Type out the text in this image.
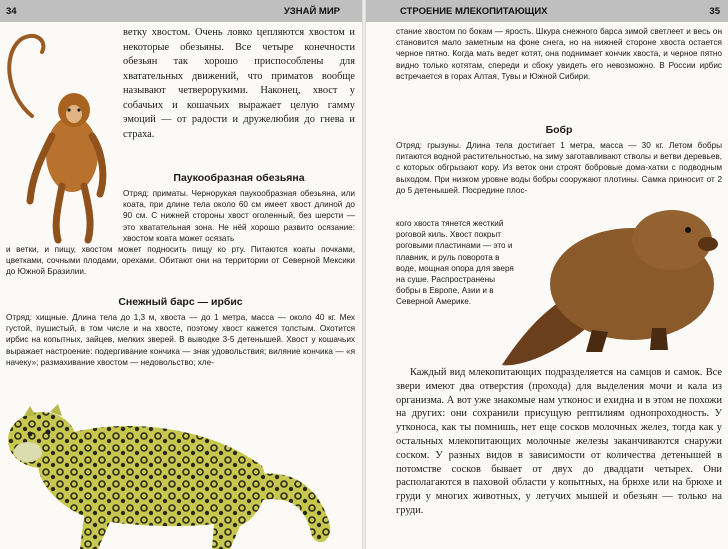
34	УЗНАЙ МИР

ветку хвостом. Очень ловко цепляются хвостом и некоторые обезьяны. Все четыре конечности обезьян так хорошо приспособлены для хватательных движений, что приматов вообще называют четверорукими. Наконец, хвост у собачьих и кошачьих выражает целую гамму эмоций — от радости и дружелюбия до гнева и страха.

Паукообразная обезьяна

Отряд: приматы. Чернорукая паукообразная обезьяна, или коата, при длине тела около 60 см имеет хвост длиной до 90 см. С нижней стороны хвост оголенный, без шерсти — это хватательная зона. Не нёй хорошо развито осязание: хвостом коата может осязать

и ветки, и пищу, хвостом может подносить пищу ко рту. Питаются коаты почками, цветками, сочными плодами, орехами. Обитают они на территории от Северной Мексики до Южной Бразилии.

Снежный барс — ирбис

Отряд: хищные. Длина тела до 1,3 м, хвоста — до 1 метра, масса — около 40 кг. Мех густой, пушистый, в том числе и на хвосте, поэтому хвост кажется толстым. Охотится ирбис на копытных, зайцев, мелких зверей. В выводке 3-5 детенышей. Хвост у кошачьих выражает настроение: подергивание кончика — знак удовольствия; виляние кончика — «я начеку»; размахивание хвостом — недовольство; хле-

СТРОЕНИЕ МЛЕКОПИТАЮЩИХ	35

стание хвостом по бокам — ярость. Шкура снежного барса зимой светлеет и весь он становится мало заметным на фоне снега, но на нижней стороне хвоста остается черное пятно. Когда мать ведет котят, она поднимает кончик хвоста, и черное пятно видно только котятам, спереди и сбоку увидеть его невозможно. В России ирбис встречается в горах Алтая, Тувы и Южной Сибири.

Бобр

Отряд: грызуны. Длина тела достигает 1 метра, масса — 30 кг. Летом бобры питаются водной растительностью, на зиму заготавливают стволы и ветви деревьев, с которых обгрызают кору. Из веток они строят бобровые дома-хатки с подводным выходом. При низком уровне воды бобры сооружают плотины. Самка приносит от 2 до 5 детенышей. Посредине плос-

кого хвоста тянется жесткий роговой киль. Хвост покрыт роговыми пластинами — это и плавник, и руль поворота в воде, мощная опора для зверя на суше. Распространены бобры в Европе, Азии и в Северной Америке.

Каждый вид млекопитающих подразделяется на самцов и самок. Все звери имеют два отверстия (прохода) для выделения мочи и кала из организма. А вот уже знакомые нам утконос и ехидна и в этом не похожи на других: они сохранили присущую рептилиям однопроходность. У утконоса, как ты помнишь, нет еще сосков молочных желез, тогда как у остальных млекопитающих молочные железы заканчиваются снаружи соском. У разных видов в зависимости от количества детенышей в потомстве сосков бывает от двух до двадцати четырех. Они располагаются в паховой области у копытных, на брюхе или на брюхе и груди у многих животных, у летучих мышей и обезьян — только на груди.
